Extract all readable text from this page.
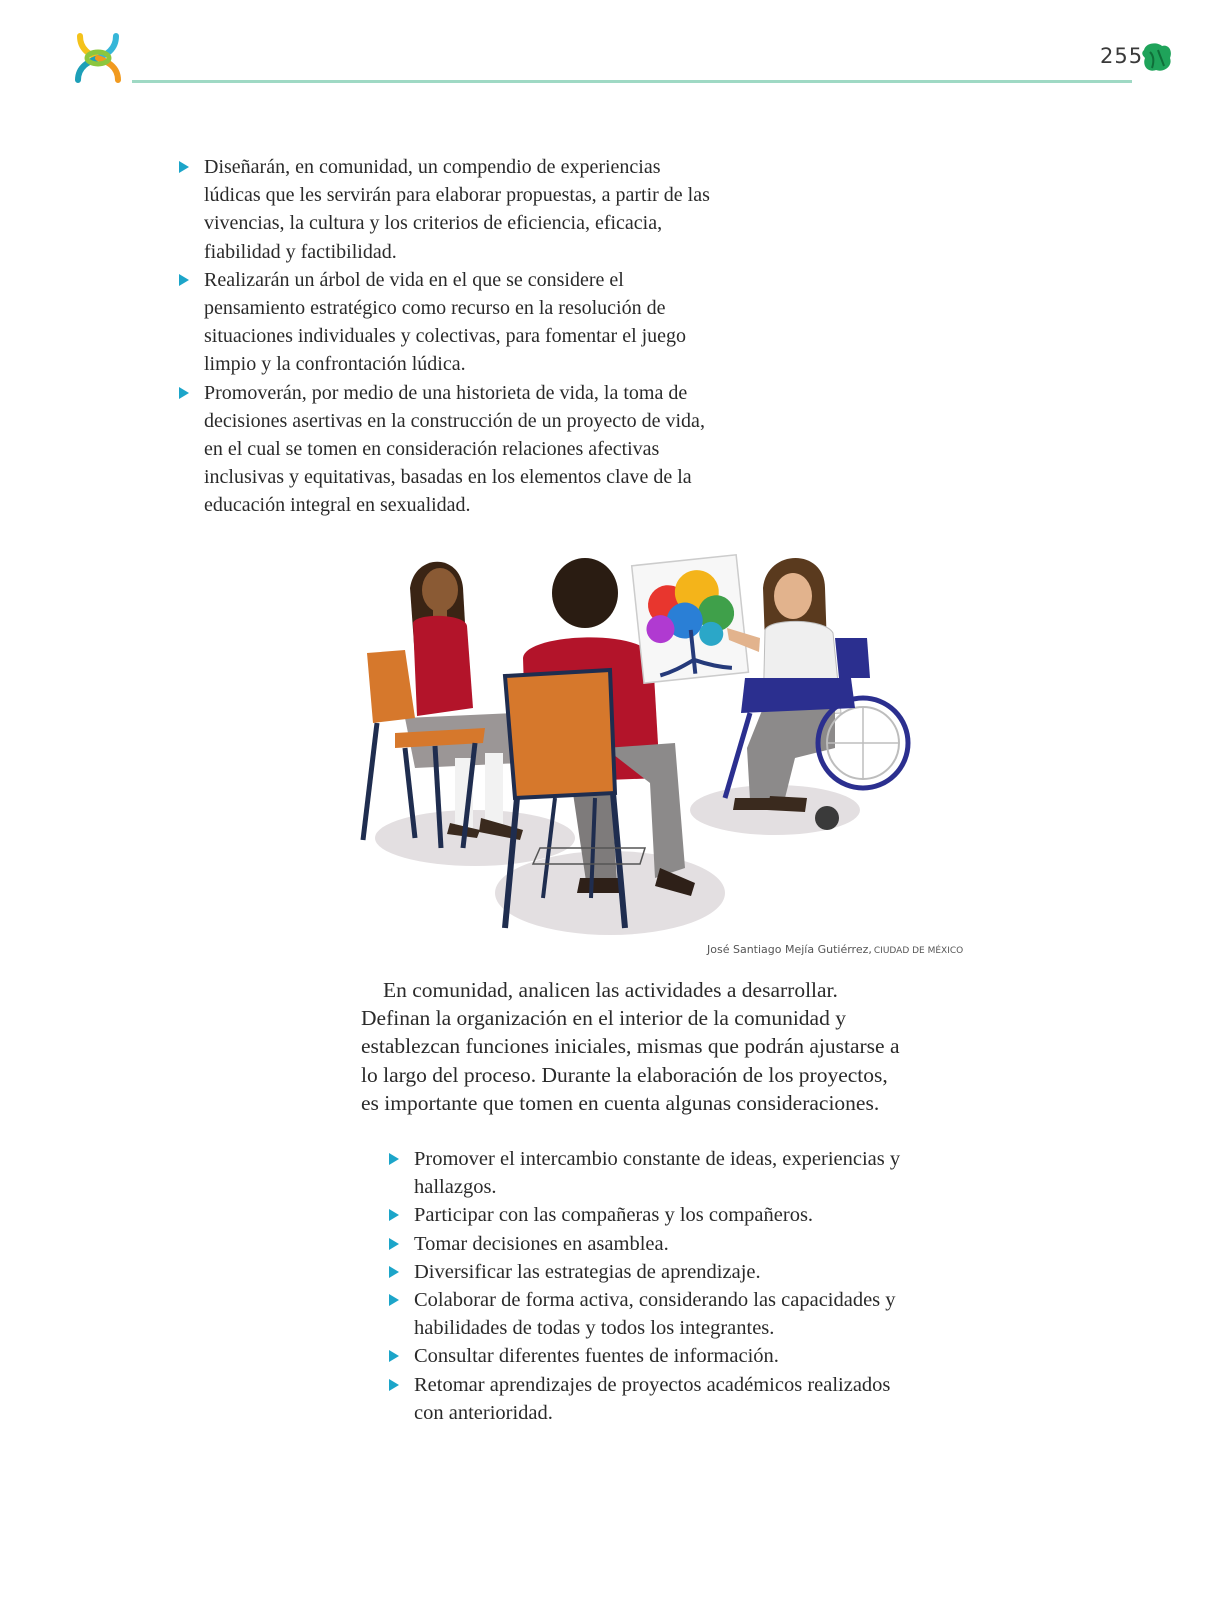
255
Diseñarán, en comunidad, un compendio de experiencias lúdicas que les servirán para elaborar propuestas, a partir de las vivencias, la cultura y los criterios de eficiencia, eficacia, fiabilidad y factibilidad.
Realizarán un árbol de vida en el que se considere el pensamiento estratégico como recurso en la resolución de situaciones individuales y colectivas, para fomentar el juego limpio y la confrontación lúdica.
Promoverán, por medio de una historieta de vida, la toma de decisiones asertivas en la construcción de un proyecto de vida, en el cual se tomen en consideración relaciones afectivas inclusivas y equitativas, basadas en los elementos clave de la educación integral en sexualidad.
José Santiago Mejía Gutiérrez, CIUDAD DE MÉXICO

En comunidad, analicen las actividades a desarrollar. Definan la organización en el interior de la comunidad y establezcan funciones iniciales, mismas que podrán ajustarse a lo largo del proceso. Durante la elaboración de los proyectos, es importante que tomen en cuenta algunas consideraciones.

Promover el intercambio constante de ideas, experiencias y hallazgos.
Participar con las compañeras y los compañeros.
Tomar decisiones en asamblea.
Diversificar las estrategias de aprendizaje.
Colaborar de forma activa, considerando las capacidades y habilidades de todas y todos los integrantes.
Consultar diferentes fuentes de información.
Retomar aprendizajes de proyectos académicos realizados con anterioridad.
